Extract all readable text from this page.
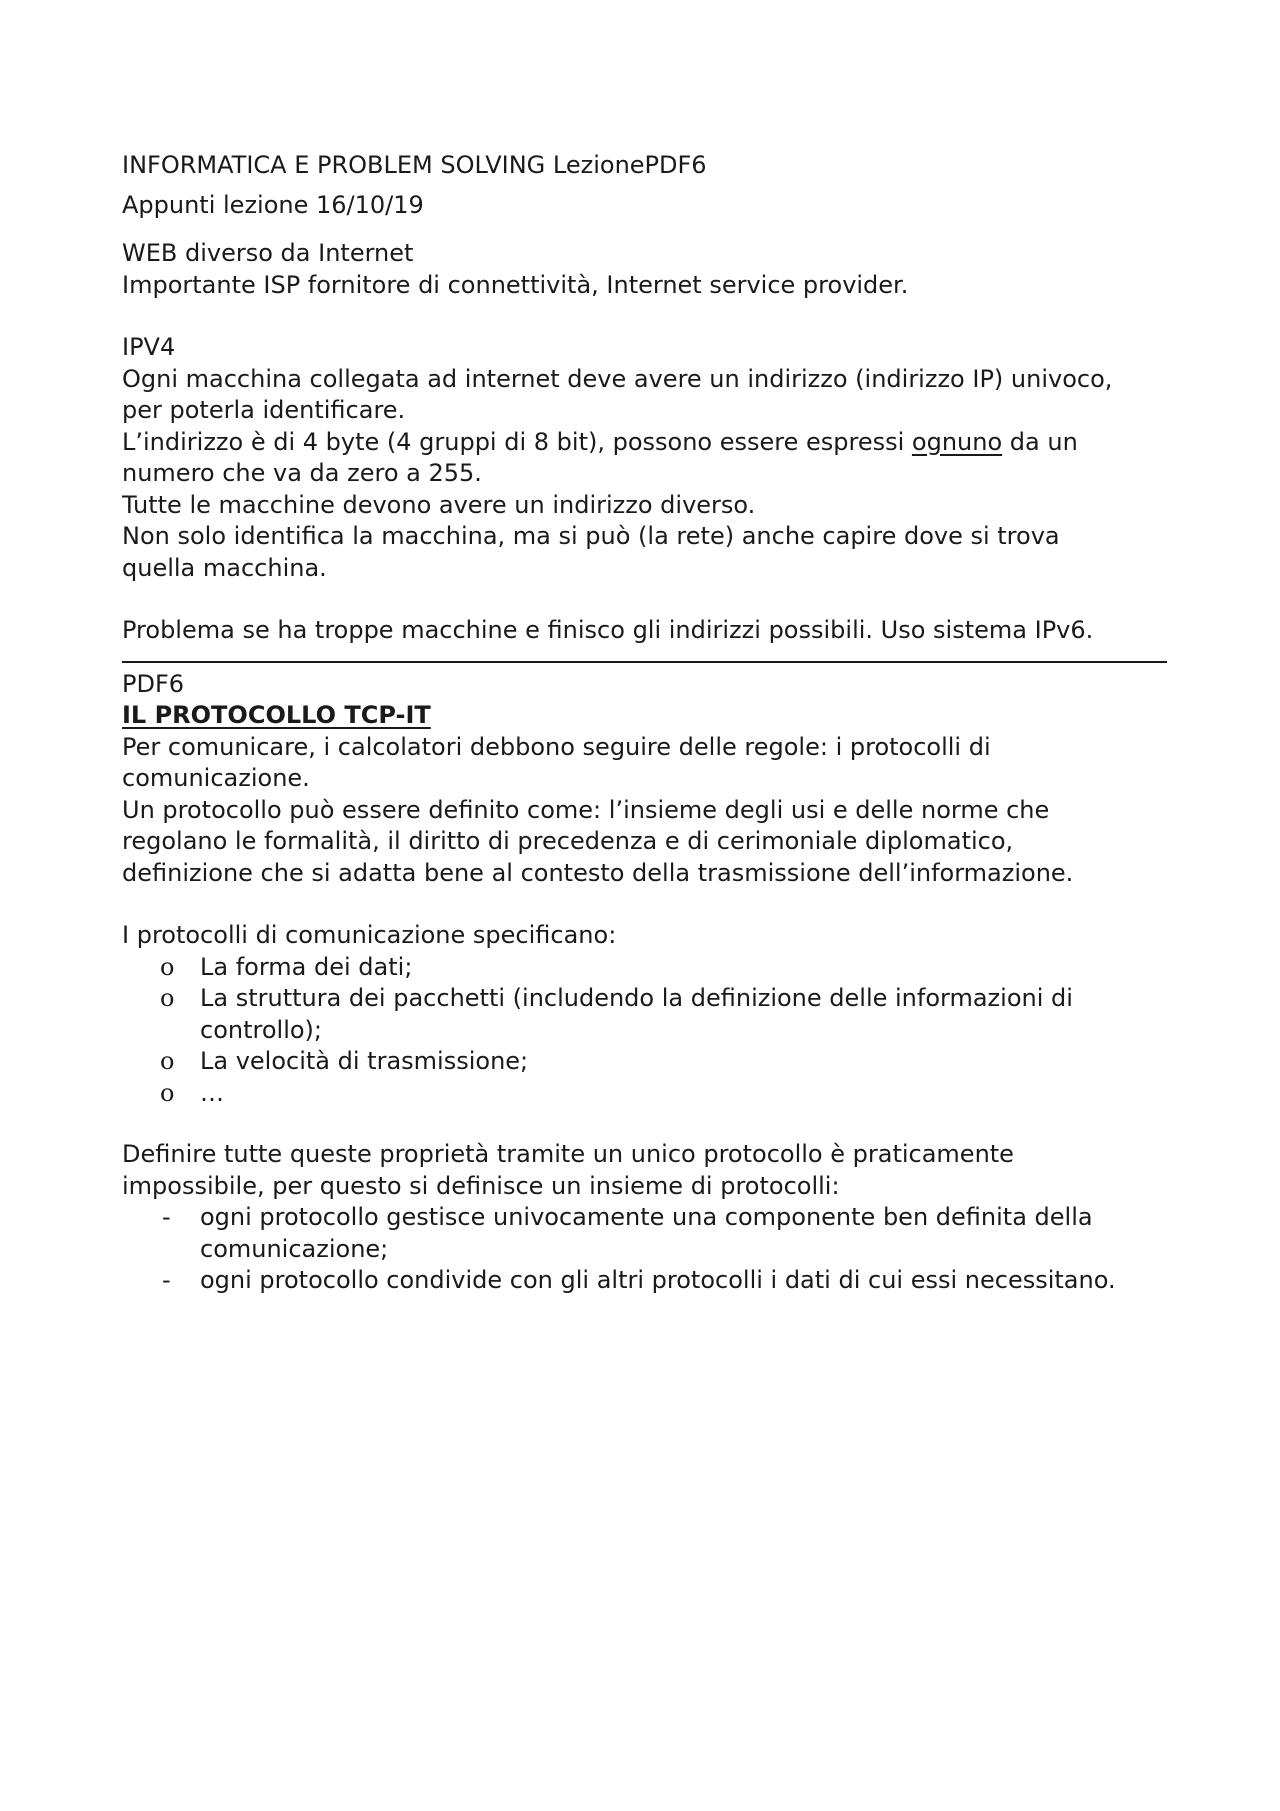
INFORMATICA E PROBLEM SOLVING LezionePDF6
Appunti lezione 16/10/19
WEB diverso da Internet
Importante ISP fornitore di connettività, Internet service provider.
IPV4
Ogni macchina collegata ad internet deve avere un indirizzo (indirizzo IP) univoco,
per poterla identificare.
L’indirizzo è di 4 byte (4 gruppi di 8 bit), possono essere espressi ognuno da un
numero che va da zero a 255.
Tutte le macchine devono avere un indirizzo diverso.
Non solo identifica la macchina, ma si può (la rete) anche capire dove si trova
quella macchina.
Problema se ha troppe macchine e finisco gli indirizzi possibili. Uso sistema IPv6.
PDF6
IL PROTOCOLLO TCP-IT
Per comunicare, i calcolatori debbono seguire delle regole: i protocolli di
comunicazione.
Un protocollo può essere definito come: l’insieme degli usi e delle norme che
regolano le formalità, il diritto di precedenza e di cerimoniale diplomatico,
definizione che si adatta bene al contesto della trasmissione dell’informazione.
I protocolli di comunicazione specificano:
o La forma dei dati;
o La struttura dei pacchetti (includendo la definizione delle informazioni di
controllo);
o La velocità di trasmissione;
o …
Definire tutte queste proprietà tramite un unico protocollo è praticamente
impossibile, per questo si definisce un insieme di protocolli:
- ogni protocollo gestisce univocamente una componente ben definita della
comunicazione;
- ogni protocollo condivide con gli altri protocolli i dati di cui essi necessitano.
